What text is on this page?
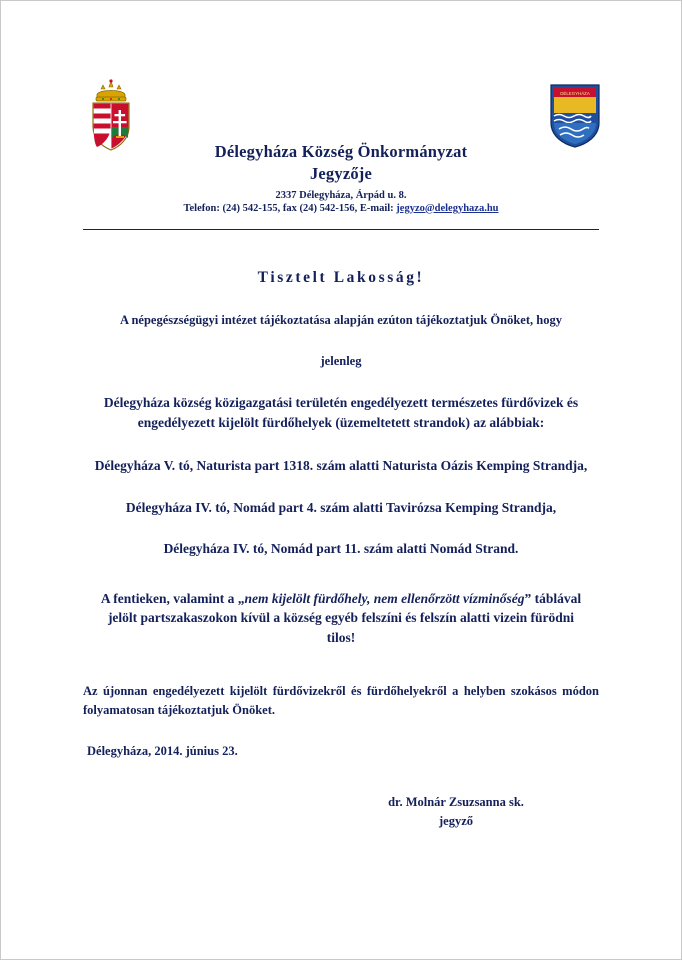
DÉLEGYHÁZA
Délegyháza Község Önkormányzat
Jegyzője
2337 Délegyháza, Árpád u. 8.
Telefon: (24) 542-155, fax (24) 542-156, E-mail: jegyzo@delegyhaza.hu
Tisztelt Lakosság!
A népegészségügyi intézet tájékoztatása alapján ezúton tájékoztatjuk Önöket, hogy
jelenleg
Délegyháza község közigazgatási területén engedélyezett természetes fürdővizek és engedélyezett kijelölt fürdőhelyek (üzemeltetett strandok) az alábbiak:
Délegyháza V. tó, Naturista part 1318. szám alatti Naturista Oázis Kemping Strandja,
Délegyháza IV. tó, Nomád part 4. szám alatti Tavirózsa Kemping Strandja,
Délegyháza IV. tó, Nomád part 11. szám alatti Nomád Strand.
A fentieken, valamint a „nem kijelölt fürdőhely, nem ellenőrzött vízminőség” táblával jelölt partszakaszokon kívül a község egyéb felszíni és felszín alatti vizein fürödni tilos!
Az újonnan engedélyezett kijelölt fürdővizekről és fürdőhelyekről a helyben szokásos módon folyamatosan tájékoztatjuk Önöket.
Délegyháza, 2014. június 23.
dr. Molnár Zsuzsanna sk.
jegyző
